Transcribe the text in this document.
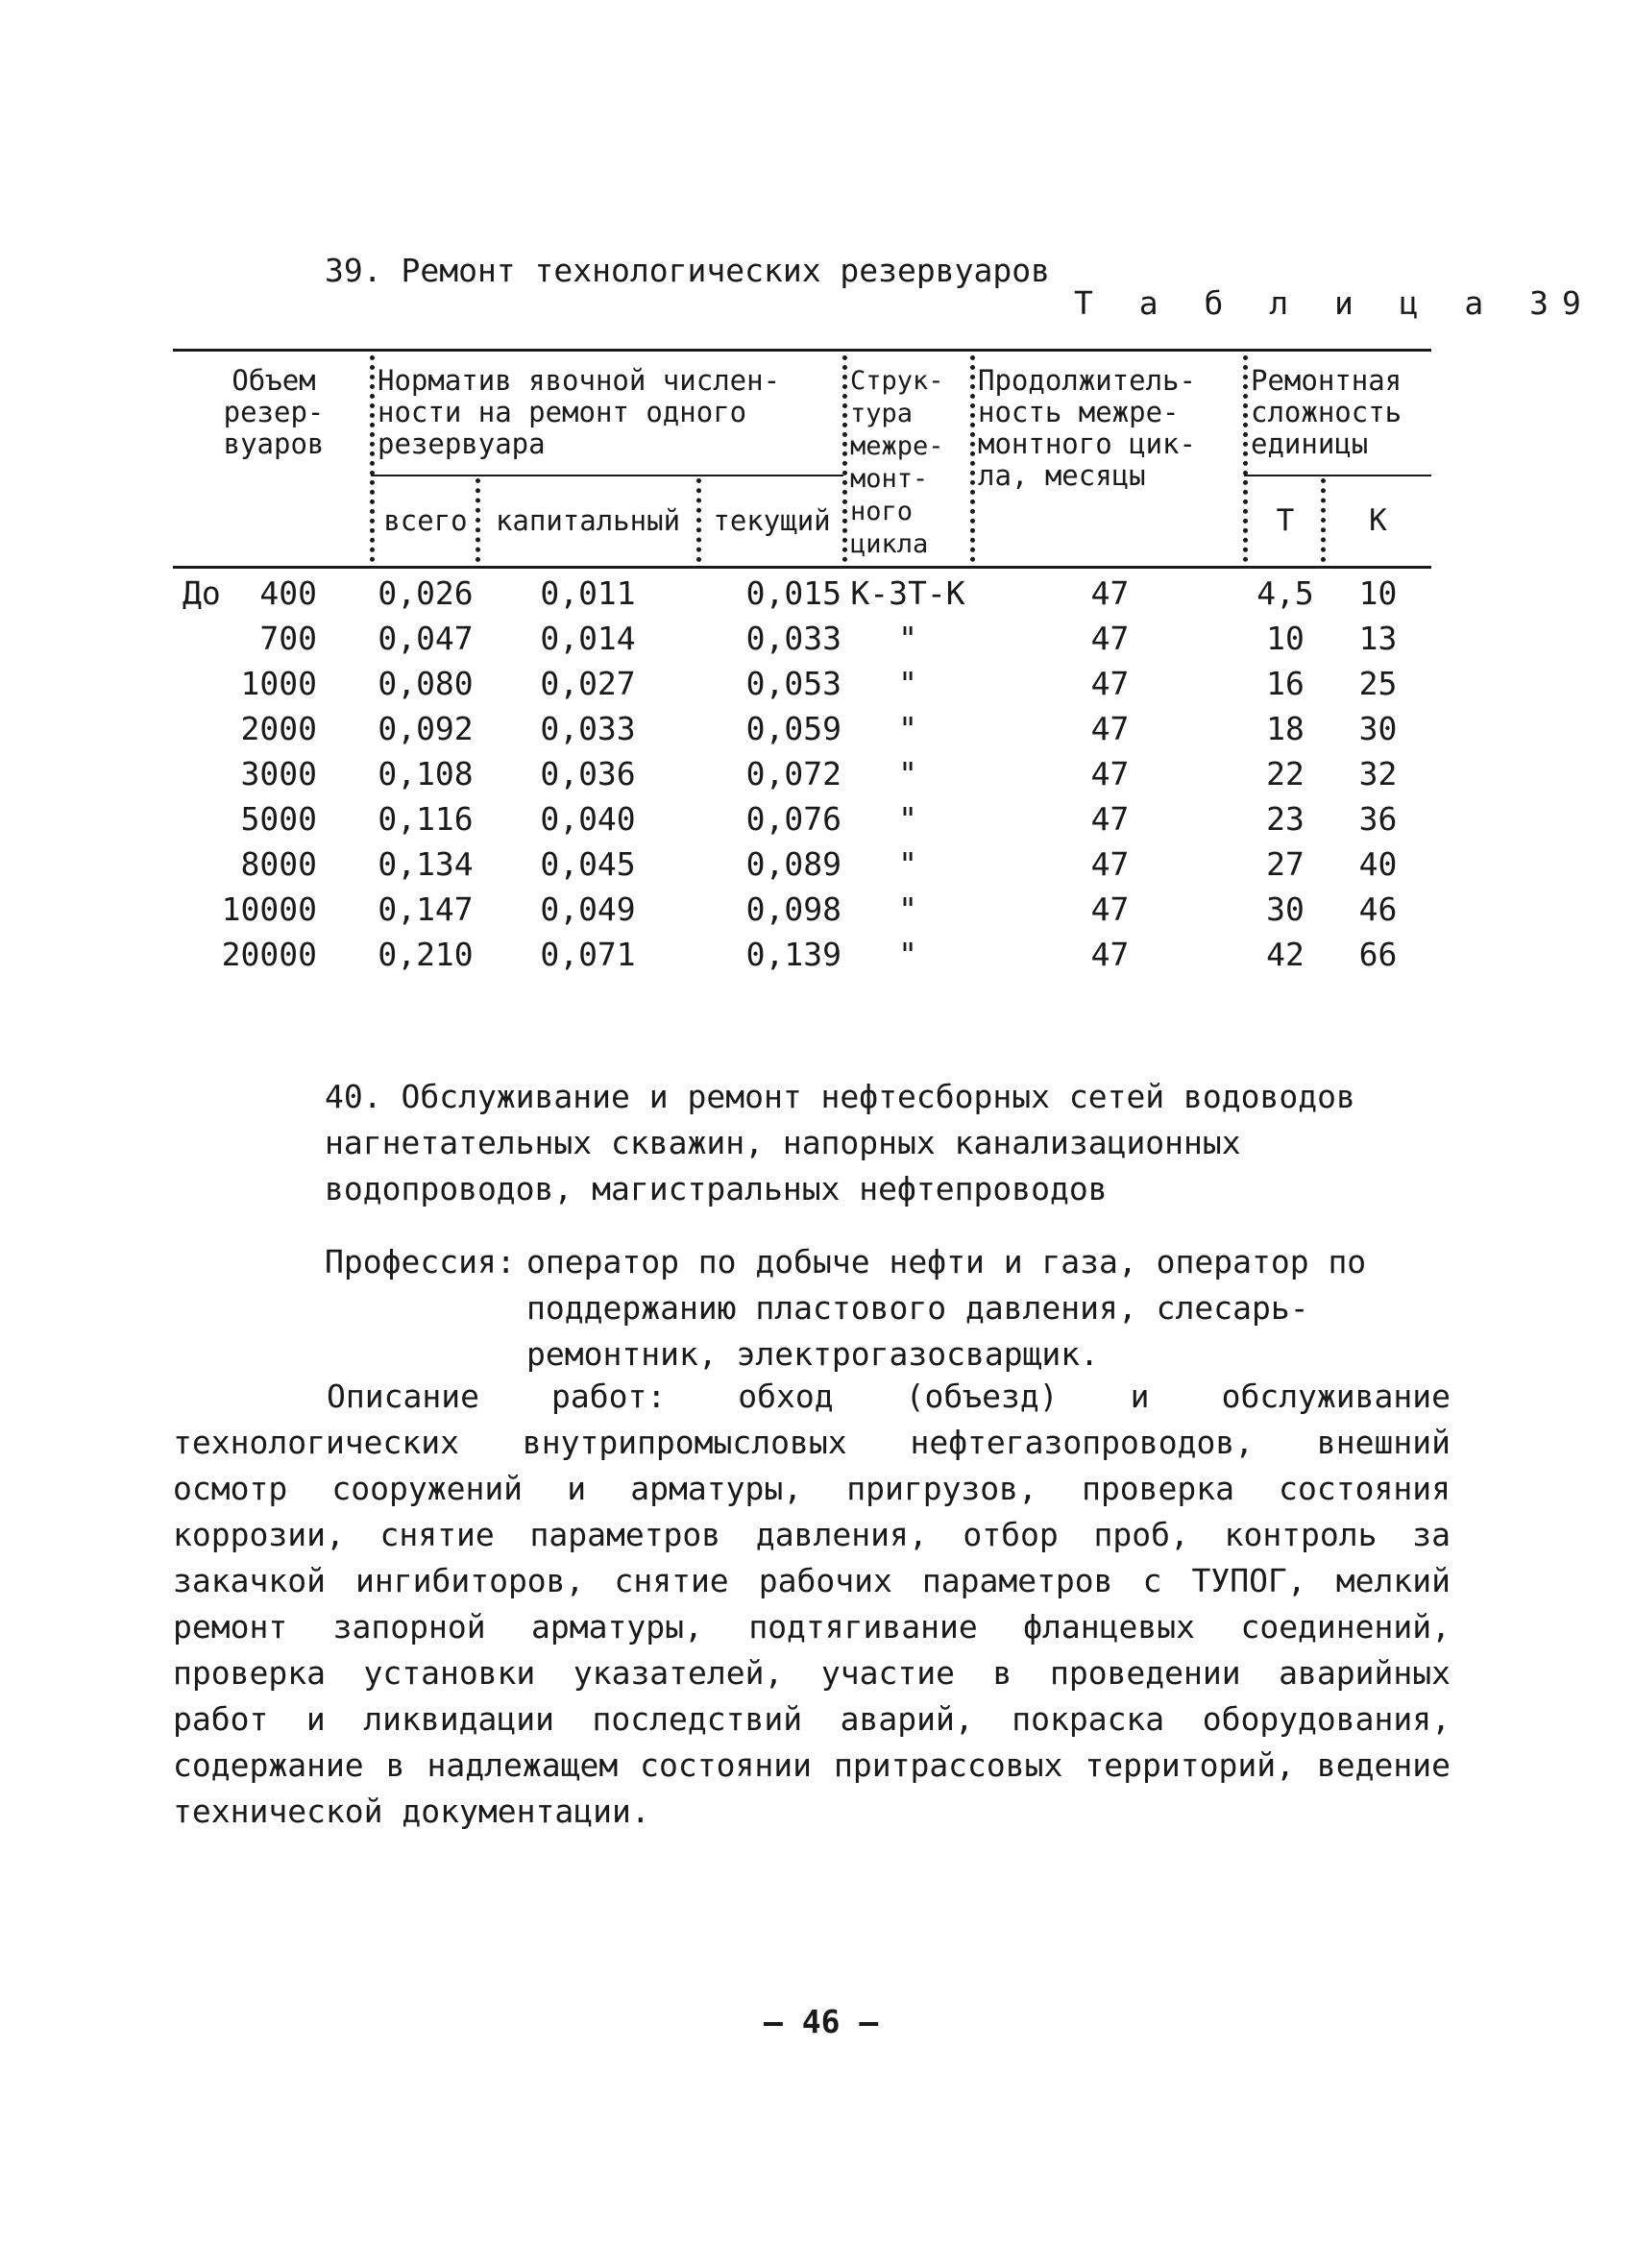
39. Ремонт технологических резервуаров
Т а б л и ц а 39
Объем
резер-
вуаров
Норматив явочной числен-
ности на ремонт одного
резервуара
всего	капитальный	текущий
Струк-
тура
межре-
монт-
ного
цикла
Продолжитель-
ность межре-
монтного цик-
ла, месяцы
Ремонтная
сложность
единицы
Т	К
До	400 0,026	0,011	0,015 К-3Т-К	47	4,5	10
700 0,047	0,014	0,033	"	47	10	13
1000 0,080	0,027	0,053	"	47	16	25
2000 0,092	0,033	0,059	"	47	18	30
3000 0,108	0,036	0,072	"	47	22	32
5000 0,116	0,040	0,076	"	47	23	36
8000 0,134	0,045	0,089	"	47	27	40
10000 0,147	0,049	0,098	"	47	30	46
20000 0,210	0,071	0,139	"	47	42	66
40. Обслуживание и ремонт нефтесборных сетей водоводов нагнетательных скважин, напорных канализационных водопроводов, магистральных нефтепроводов
Профессия: оператор по добыче нефти и газа, оператор по поддержанию пластового давления, слесарь-ремонтник, электрогазосварщик.
Описание работ: обход (объезд) и обслуживание технологических внутрипромысловых нефтегазопроводов, внешний осмотр сооружений и арматуры, пригрузов, проверка состояния коррозии, снятие параметров давления, отбор проб, контроль за закачкой ингибиторов, снятие рабочих параметров с ТУПОГ, мелкий ремонт запорной арматуры, подтягивание фланцевых соединений, проверка установки указателей, участие в проведении аварийных работ и ликвидации последствий аварий, покраска оборудования, содержание в надлежащем состоянии притрассовых территорий, ведение технической документации.
– 46 –
